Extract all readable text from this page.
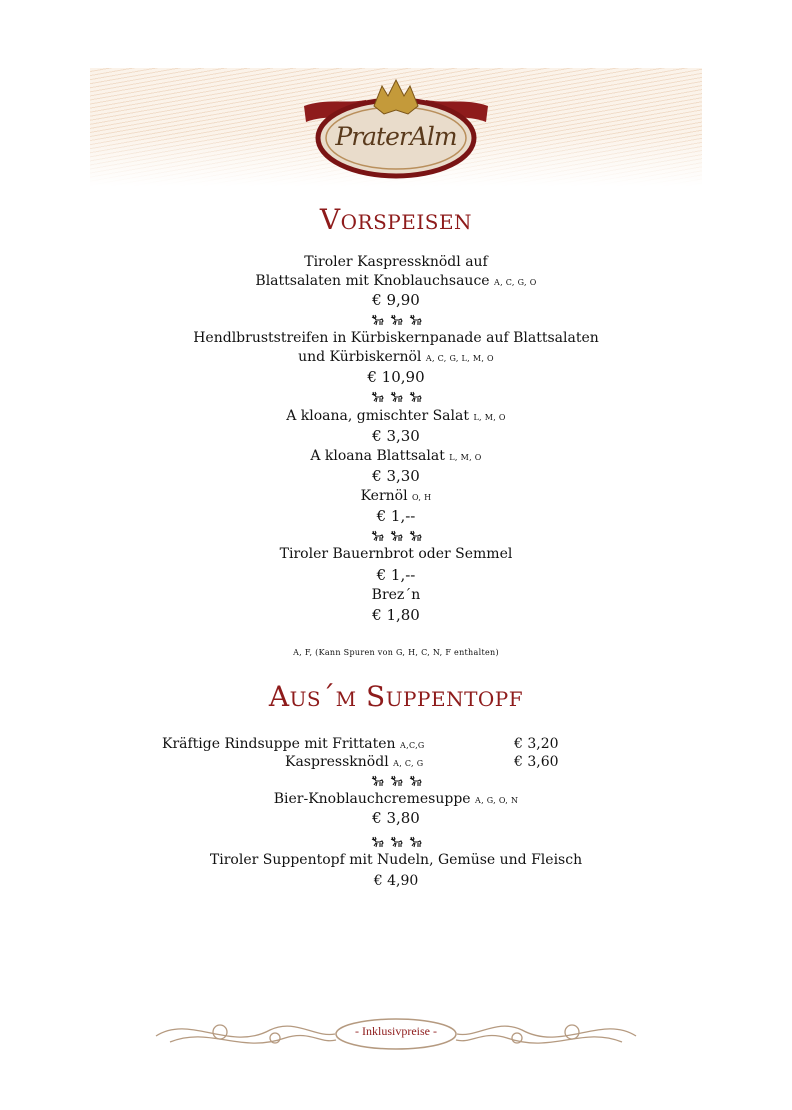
PraterAlm
Vorspeisen
Tiroler Kaspressknödl auf
Blattsalaten mit Knoblauchsauce A, C, G, O
€ 9,90
Hendlbruststreifen in Kürbiskernpanade auf Blattsalaten
und Kürbiskernöl A, C, G, L, M, O
€ 10,90
A kloana, gmischter Salat L, M, O
€ 3,30
A kloana Blattsalat L, M, O
€ 3,30
Kernöl O, H
€ 1,--
Tiroler Bauernbrot oder Semmel
€ 1,--
Brez´n
€ 1,80
A, F, (Kann Spuren von G, H, C, N, F enthalten)
Aus´m Suppentopf
Kräftige Rindsuppe mit Frittaten A,C,G	€ 3,20
Kaspressknödl A, C, G	€ 3,60
Bier-Knoblauchcremesuppe A, G, O, N
€ 3,80
Tiroler Suppentopf mit Nudeln, Gemüse und Fleisch
€ 4,90
- Inklusivpreise -
